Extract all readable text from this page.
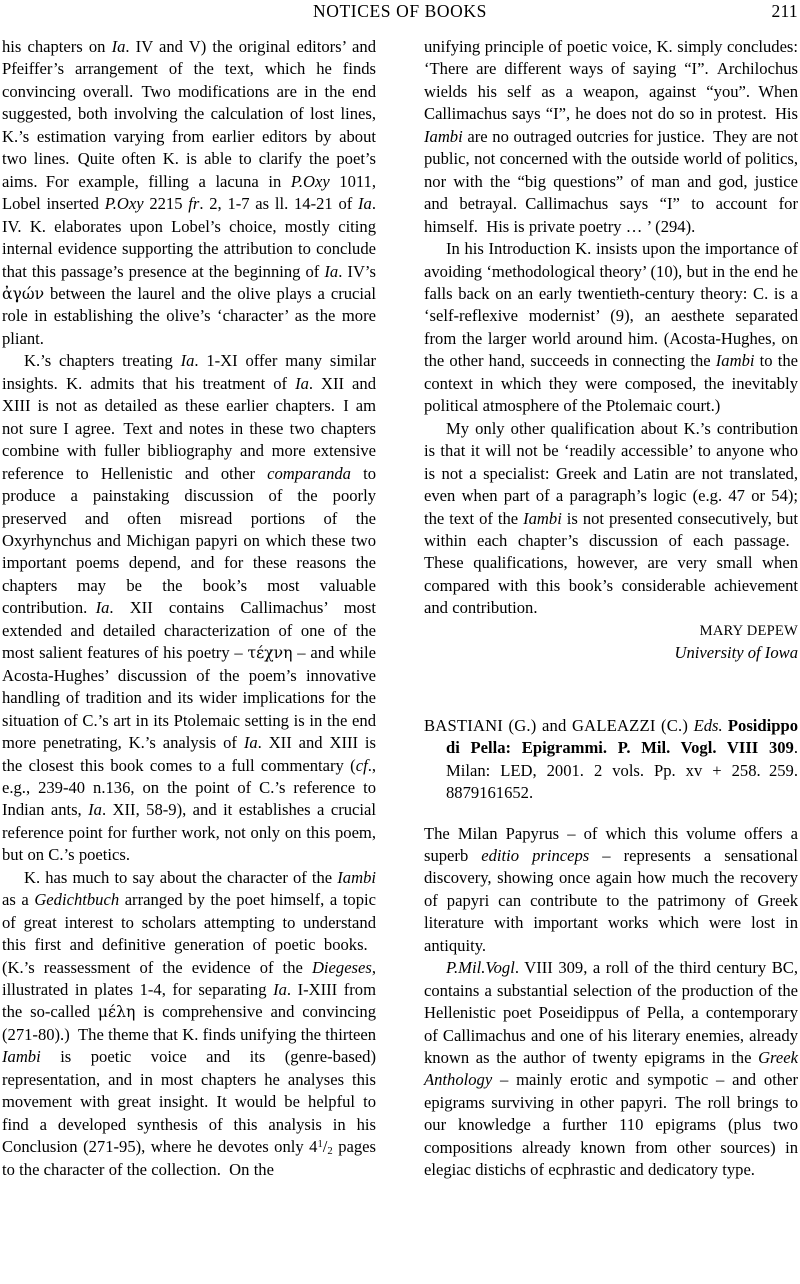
NOTICES OF BOOKS	211

his chapters on Ia. IV and V) the original editors’ and Pfeiffer’s arrangement of the text, which he finds convincing overall. Two modifications are in the end suggested, both involving the calculation of lost lines, K.’s estimation varying from earlier editors by about two lines. Quite often K. is able to clarify the poet’s aims. For example, filling a lacuna in P.Oxy 1011, Lobel inserted P.Oxy 2215 fr. 2, 1-7 as ll. 14-21 of Ia. IV. K. elaborates upon Lobel’s choice, mostly citing internal evidence supporting the attribution to conclude that this passage’s presence at the beginning of Ia. IV’s ἀγών between the laurel and the olive plays a crucial role in establishing the olive’s ‘character’ as the more pliant.

K.’s chapters treating Ia. 1-XI offer many similar insights. K. admits that his treatment of Ia. XII and XIII is not as detailed as these earlier chapters. I am not sure I agree. Text and notes in these two chapters combine with fuller bibliography and more extensive reference to Hellenistic and other comparanda to produce a painstaking discussion of the poorly preserved and often misread portions of the Oxyrhynchus and Michigan papyri on which these two important poems depend, and for these reasons the chapters may be the book’s most valuable contribution. Ia. XII contains Callimachus’ most extended and detailed characterization of one of the most salient features of his poetry – τέχνη – and while Acosta-Hughes’ discussion of the poem’s innovative handling of tradition and its wider implications for the situation of C.’s art in its Ptolemaic setting is in the end more penetrating, K.’s analysis of Ia. XII and XIII is the closest this book comes to a full commentary (cf., e.g., 239-40 n.136, on the point of C.’s reference to Indian ants, Ia. XII, 58-9), and it establishes a crucial reference point for further work, not only on this poem, but on C.’s poetics.

K. has much to say about the character of the Iambi as a Gedichtbuch arranged by the poet himself, a topic of great interest to scholars attempting to understand this first and definitive generation of poetic books. (K.’s reassessment of the evidence of the Diegeses, illustrated in plates 1-4, for separating Ia. I-XIII from the so-called μέλη is comprehensive and convincing (271-80).) The theme that K. finds unifying the thirteen Iambi is poetic voice and its (genre-based) representation, and in most chapters he analyses this movement with great insight. It would be helpful to find a developed synthesis of this analysis in his Conclusion (271-95), where he devotes only $4^1/_2$ pages to the character of the collection. On the

unifying principle of poetic voice, K. simply concludes: ‘There are different ways of saying “I”. Archilochus wields his self as a weapon, against “you”. When Callimachus says “I”, he does not do so in protest. His Iambi are no outraged outcries for justice. They are not public, not concerned with the outside world of politics, nor with the “big questions” of man and god, justice and betrayal. Callimachus says “I” to account for himself. His is private poetry … ’ (294).

In his Introduction K. insists upon the importance of avoiding ‘methodological theory’ (10), but in the end he falls back on an early twentieth-century theory: C. is a ‘self-reflexive modernist’ (9), an aesthete separated from the larger world around him. (Acosta-Hughes, on the other hand, succeeds in connecting the Iambi to the context in which they were composed, the inevitably political atmosphere of the Ptolemaic court.)

My only other qualification about K.’s contribution is that it will not be ‘readily accessible’ to anyone who is not a specialist: Greek and Latin are not translated, even when part of a paragraph’s logic (e.g. 47 or 54); the text of the Iambi is not presented consecutively, but within each chapter’s discussion of each passage. These qualifications, however, are very small when compared with this book’s considerable achievement and contribution.

MARY DEPEW
University of Iowa
BASTIANI (G.) and GALEAZZI (C.) Eds. Posidippo di Pella: Epigrammi. P. Mil. Vogl. VIII 309. Milan: LED, 2001. 2 vols. Pp. xv + 258. 259. 8879161652.

The Milan Papyrus – of which this volume offers a superb editio princeps – represents a sensational discovery, showing once again how much the recovery of papyri can contribute to the patrimony of Greek literature with important works which were lost in antiquity.

P.Mil.Vogl. VIII 309, a roll of the third century BC, contains a substantial selection of the production of the Hellenistic poet Poseidippus of Pella, a contemporary of Callimachus and one of his literary enemies, already known as the author of twenty epigrams in the Greek Anthology – mainly erotic and sympotic – and other epigrams surviving in other papyri. The roll brings to our knowledge a further 110 epigrams (plus two compositions already known from other sources) in elegiac distichs of ecphrastic and dedicatory type.
